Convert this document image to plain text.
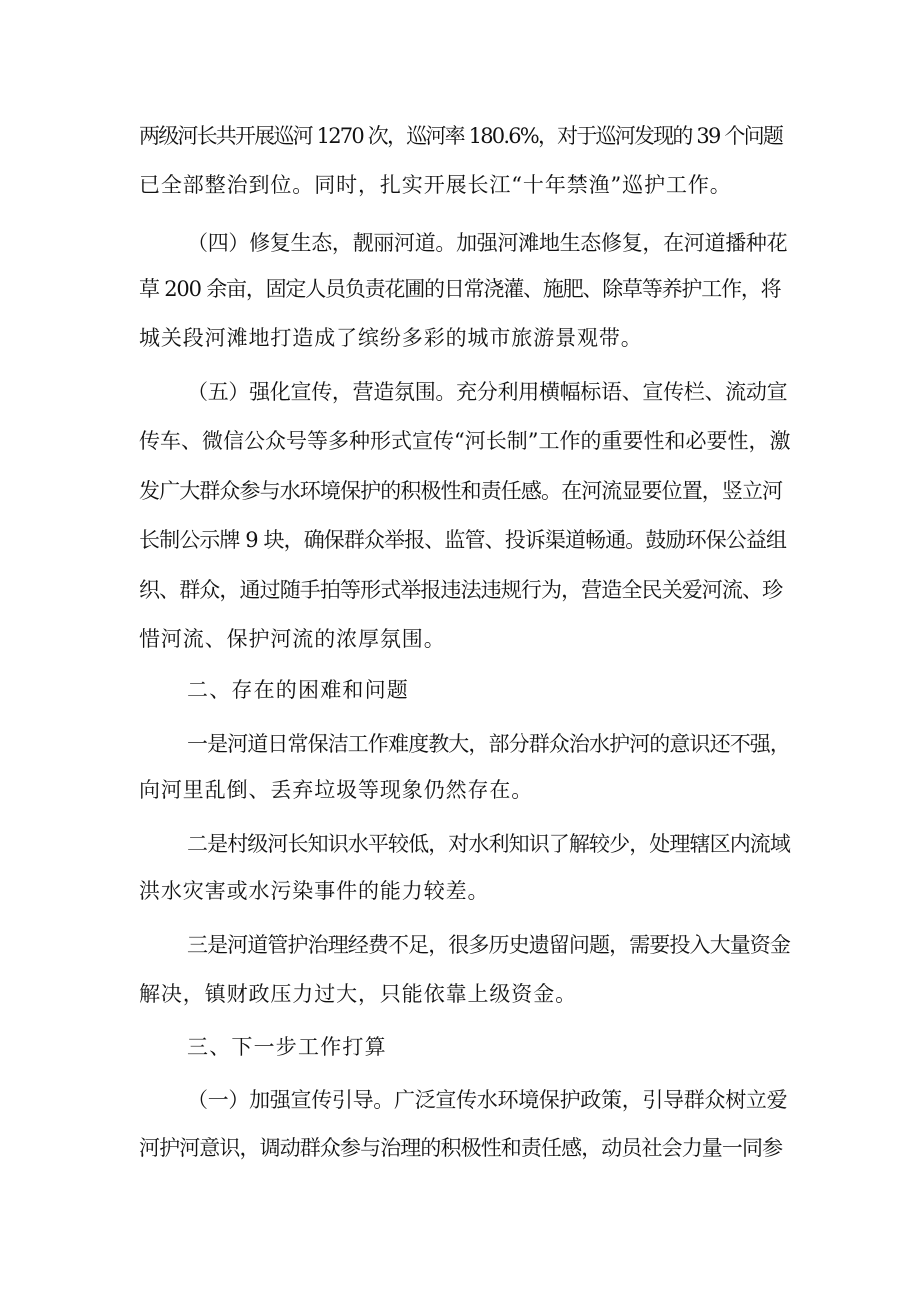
两级河长共开展巡河 1270 次，巡河率 180.6%，对于巡河发现的 39 个问题
已全部整治到位。同时，扎实开展长江“十年禁渔”巡护工作。
（四）修复生态，靓丽河道。加强河滩地生态修复，在河道播种花
草 200 余亩，固定人员负责花圃的日常浇灌、施肥、除草等养护工作，将
城关段河滩地打造成了缤纷多彩的城市旅游景观带。
（五）强化宣传，营造氛围。充分利用横幅标语、宣传栏、流动宣
传车、微信公众号等多种形式宣传“河长制”工作的重要性和必要性，激
发广大群众参与水环境保护的积极性和责任感。在河流显要位置，竖立河
长制公示牌 9 块，确保群众举报、监管、投诉渠道畅通。鼓励环保公益组
织、群众，通过随手拍等形式举报违法违规行为，营造全民关爱河流、珍
惜河流、保护河流的浓厚氛围。
二、存在的困难和问题
一是河道日常保洁工作难度教大，部分群众治水护河的意识还不强，
向河里乱倒、丢弃垃圾等现象仍然存在。
二是村级河长知识水平较低，对水利知识了解较少，处理辖区内流域
洪水灾害或水污染事件的能力较差。
三是河道管护治理经费不足，很多历史遗留问题，需要投入大量资金
解决，镇财政压力过大，只能依靠上级资金。
三、下一步工作打算
（一）加强宣传引导。广泛宣传水环境保护政策，引导群众树立爱
河护河意识，调动群众参与治理的积极性和责任感，动员社会力量一同参
